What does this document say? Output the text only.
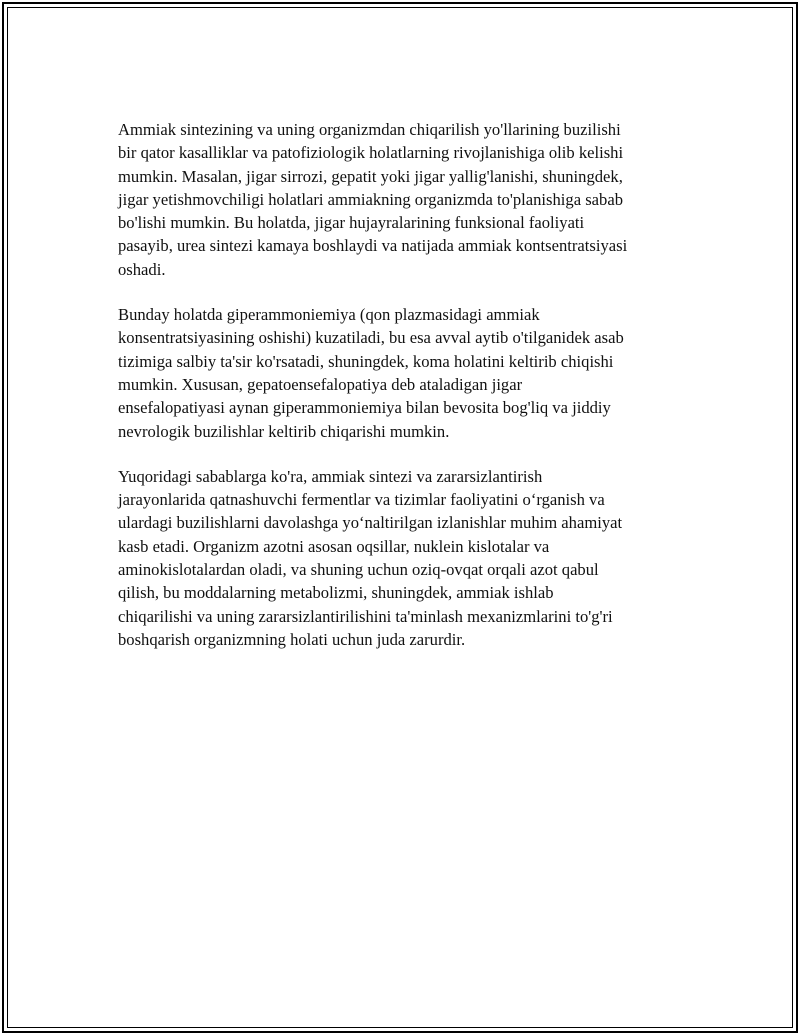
Ammiak sintezining va uning organizmdan chiqarilish yo'llarining buzilishi
bir qator kasalliklar va patofiziologik holatlarning rivojlanishiga olib kelishi
mumkin. Masalan, jigar sirrozi, gepatit yoki jigar yallig'lanishi, shuningdek,
jigar yetishmovchiligi holatlari ammiakning organizmda to'planishiga sabab
bo'lishi mumkin. Bu holatda, jigar hujayralarining funksional faoliyati
pasayib, urea sintezi kamaya boshlaydi va natijada ammiak kontsentratsiyasi
oshadi.

Bunday holatda giperammoniemiya (qon plazmasidagi ammiak
konsentratsiyasining oshishi) kuzatiladi, bu esa avval aytib o'tilganidek asab
tizimiga salbiy ta'sir ko'rsatadi, shuningdek, koma holatini keltirib chiqishi
mumkin. Xususan, gepatoensefalopatiya deb ataladigan jigar
ensefalopatiyasi aynan giperammoniemiya bilan bevosita bog'liq va jiddiy
nevrologik buzilishlar keltirib chiqarishi mumkin.

Yuqoridagi sabablarga ko'ra, ammiak sintezi va zararsizlantirish
jarayonlarida qatnashuvchi fermentlar va tizimlar faoliyatini o‘rganish va
ulardagi buzilishlarni davolashga yo‘naltirilgan izlanishlar muhim ahamiyat
kasb etadi. Organizm azotni asosan oqsillar, nuklein kislotalar va
aminokislotalardan oladi, va shuning uchun oziq-ovqat orqali azot qabul
qilish, bu moddalarning metabolizmi, shuningdek, ammiak ishlab
chiqarilishi va uning zararsizlantirilishini ta'minlash mexanizmlarini to'g'ri
boshqarish organizmning holati uchun juda zarurdir.
